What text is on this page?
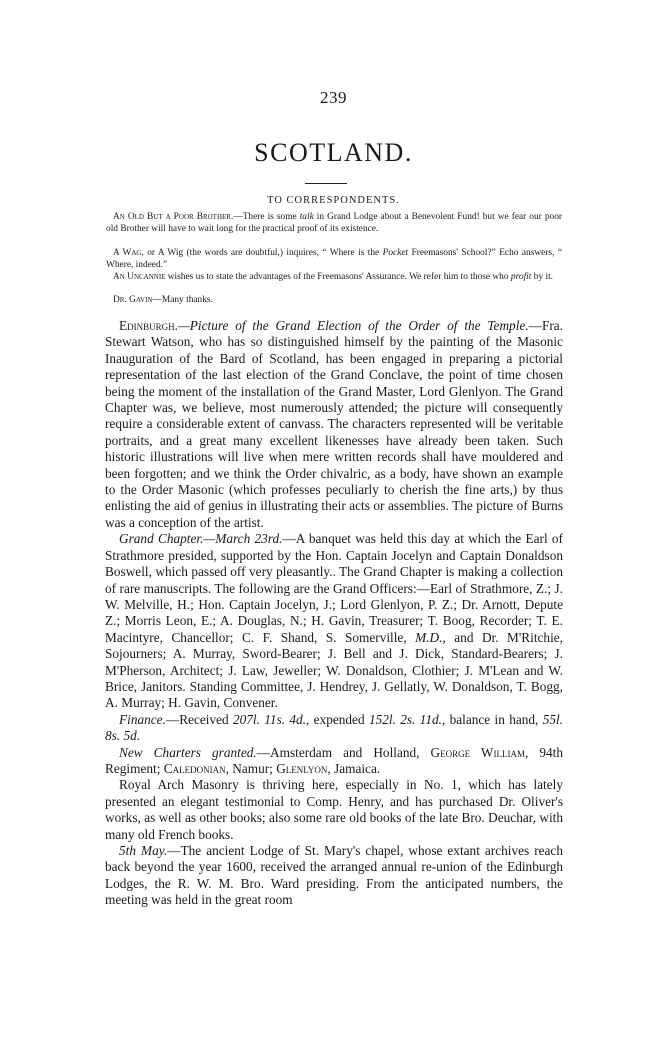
239
SCOTLAND.
TO CORRESPONDENTS.

An Old But a Poor Brother.—There is some talk in Grand Lodge about a Benevolent Fund! but we fear our poor old Brother will have to wait long for the practical proof of its existence.

A Wag, or A Wig (the words are doubtful,) inquires, “ Where is the Pocket Freemasons' School?” Echo answers, “ Where, indeed.”

An Uncannie wishes us to state the advantages of the Freemasons' Assurance. We refer him to those who profit by it.

Dr. Gavin—Many thanks.

Edinburgh.—Picture of the Grand Election of the Order of the Temple.—Fra. Stewart Watson, who has so distinguished himself by the painting of the Masonic Inauguration of the Bard of Scotland, has been engaged in preparing a pictorial representation of the last election of the Grand Conclave, the point of time chosen being the moment of the installation of the Grand Master, Lord Glenlyon. The Grand Chapter was, we believe, most numerously attended; the picture will consequently require a considerable extent of canvass. The characters represented will be veritable portraits, and a great many excellent likenesses have already been taken. Such historic illustrations will live when mere written records shall have mouldered and been forgotten; and we think the Order chivalric, as a body, have shown an example to the Order Masonic (which professes peculiarly to cherish the fine arts,) by thus enlisting the aid of genius in illustrating their acts or assemblies. The picture of Burns was a conception of the artist.

Grand Chapter.—March 23rd.—A banquet was held this day at which the Earl of Strathmore presided, supported by the Hon. Captain Jocelyn and Captain Donaldson Boswell, which passed off very pleasantly.. The Grand Chapter is making a collection of rare manuscripts. The following are the Grand Officers:—Earl of Strathmore, Z.; J. W. Melville, H.; Hon. Captain Jocelyn, J.; Lord Glenlyon, P. Z.; Dr. Arnott, Depute Z.; Morris Leon, E.; A. Douglas, N.; H. Gavin, Treasurer; T. Boog, Recorder; T. E. Macintyre, Chancellor; C. F. Shand, S. Somerville, M.D., and Dr. M'Ritchie, Sojourners; A. Murray, Sword-Bearer; J. Bell and J. Dick, Standard-Bearers; J. M'Pherson, Architect; J. Law, Jeweller; W. Donaldson, Clothier; J. M'Lean and W. Brice, Janitors. Standing Committee, J. Hendrey, J. Gellatly, W. Donaldson, T. Bogg, A. Murray; H. Gavin, Convener.

Finance.—Received 207l. 11s. 4d., expended 152l. 2s. 11d., balance in hand, 55l. 8s. 5d.

New Charters granted.—Amsterdam and Holland, George William, 94th Regiment; Caledonian, Namur; Glenlyon, Jamaica.

Royal Arch Masonry is thriving here, especially in No. 1, which has lately presented an elegant testimonial to Comp. Henry, and has purchased Dr. Oliver's works, as well as other books; also some rare old books of the late Bro. Deuchar, with many old French books.

5th May.—The ancient Lodge of St. Mary's chapel, whose extant archives reach back beyond the year 1600, received the arranged annual re-union of the Edinburgh Lodges, the R. W. M. Bro. Ward presiding. From the anticipated numbers, the meeting was held in the great room
